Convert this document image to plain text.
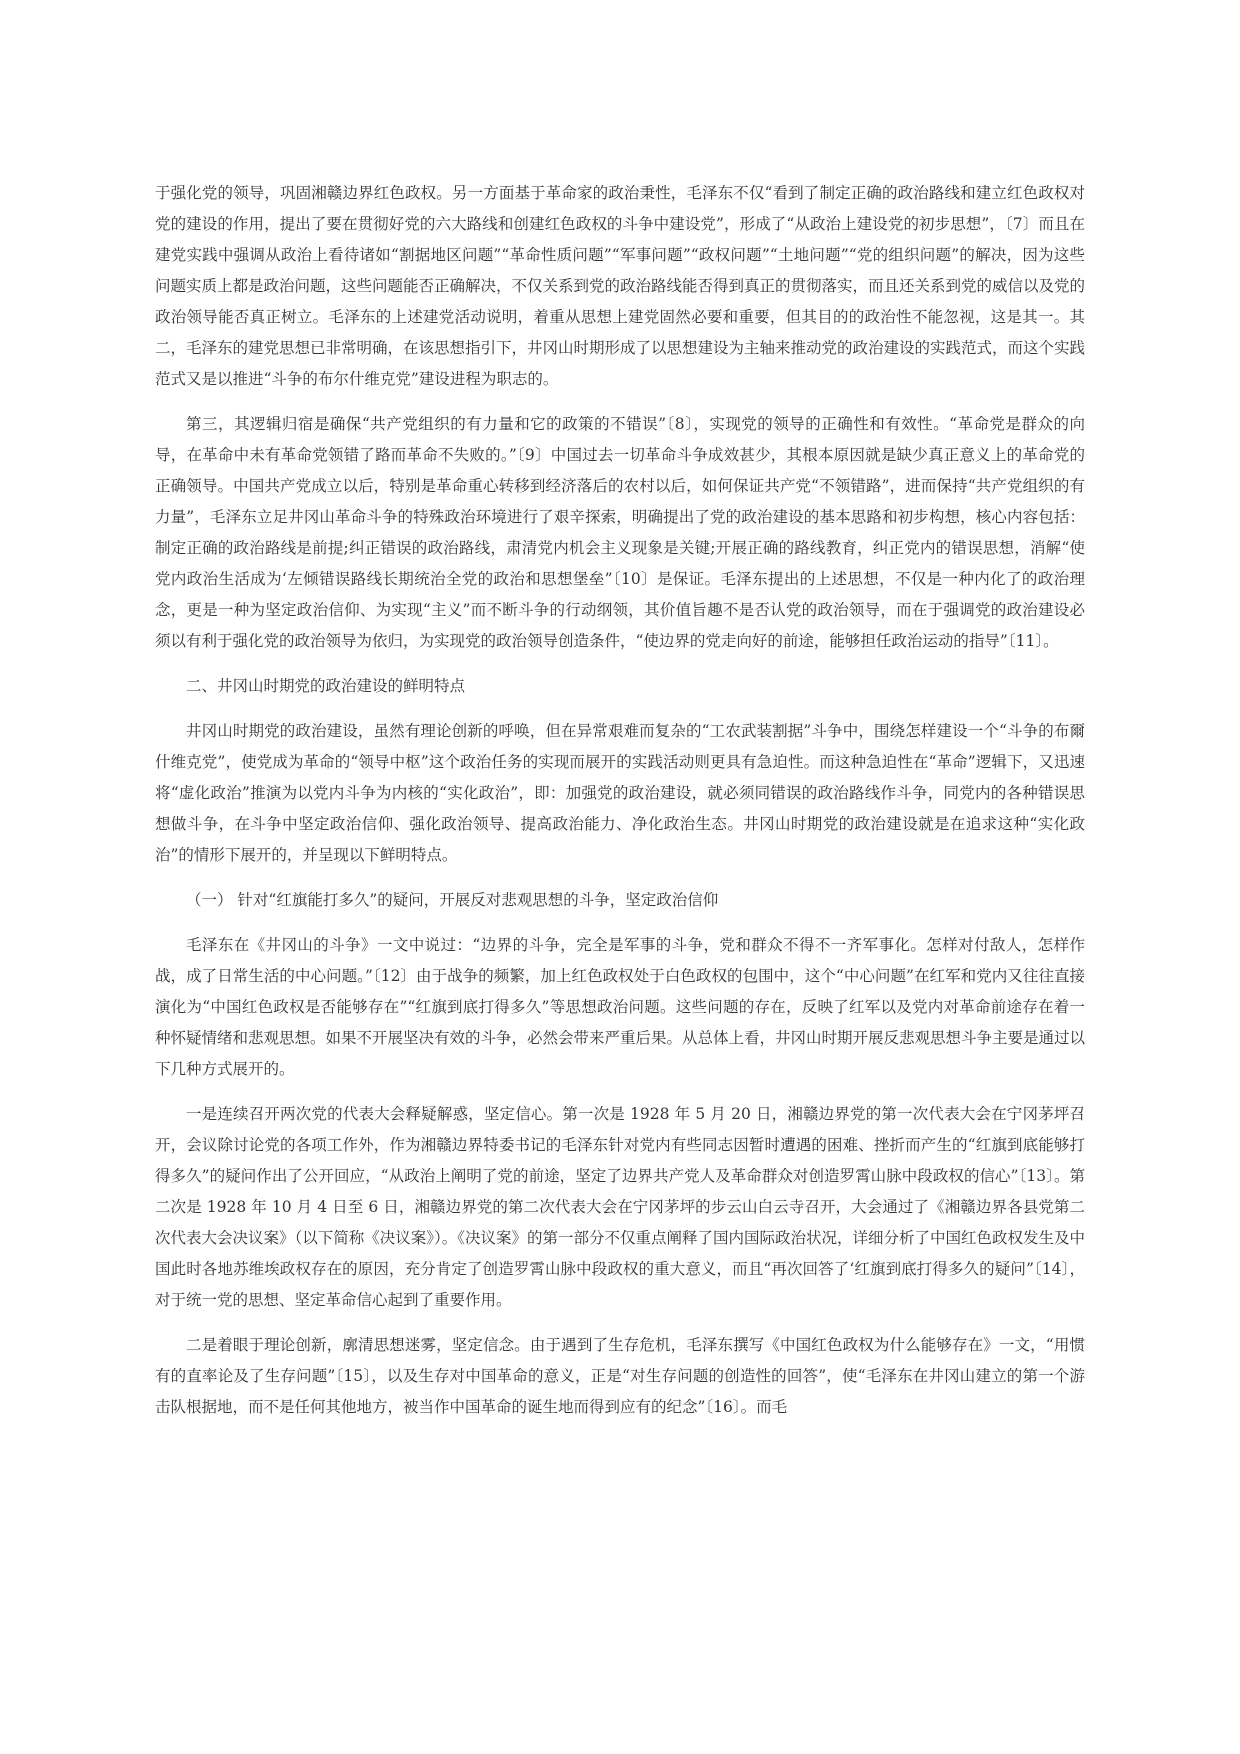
于强化党的领导，巩固湘赣边界红色政权。另一方面基于革命家的政治秉性，毛泽东不仅“看到了制定正确的政治路线和建立红色政权对党的建设的作用，提出了要在贯彻好党的六大路线和创建红色政权的斗争中建设党”，形成了“从政治上建设党的初步思想”，〔7〕而且在建党实践中强调从政治上看待诸如“割据地区问题”“革命性质问题”“军事问题”“政权问题”“土地问题”“党的组织问题”的解决，因为这些问题实质上都是政治问题，这些问题能否正确解决，不仅关系到党的政治路线能否得到真正的贯彻落实，而且还关系到党的威信以及党的政治领导能否真正树立。毛泽东的上述建党活动说明，着重从思想上建党固然必要和重要，但其目的的政治性不能忽视，这是其一。其二，毛泽东的建党思想已非常明确，在该思想指引下，井冈山时期形成了以思想建设为主轴来推动党的政治建设的实践范式，而这个实践范式又是以推进“斗争的布尔什维克党”建设进程为职志的。

第三，其逻辑归宿是确保“共产党组织的有力量和它的政策的不错误”〔8〕，实现党的领导的正确性和有效性。“革命党是群众的向导，在革命中未有革命党领错了路而革命不失败的。”〔9〕中国过去一切革命斗争成效甚少，其根本原因就是缺少真正意义上的革命党的正确领导。中国共产党成立以后，特别是革命重心转移到经济落后的农村以后，如何保证共产党“不领错路”，进而保持“共产党组织的有力量”，毛泽东立足井冈山革命斗争的特殊政治环境进行了艰辛探索，明确提出了党的政治建设的基本思路和初步构想，核心内容包括：制定正确的政治路线是前提;纠正错误的政治路线，肃清党内机会主义现象是关键;开展正确的路线教育，纠正党内的错误思想，消解“使党内政治生活成为‘左倾错误路线长期统治全党的政治和思想堡垒”〔10〕是保证。毛泽东提出的上述思想，不仅是一种内化了的政治理念，更是一种为坚定政治信仰、为实现“主义”而不断斗争的行动纲领，其价值旨趣不是否认党的政治领导，而在于强调党的政治建设必须以有利于强化党的政治领导为依归，为实现党的政治领导创造条件，“使边界的党走向好的前途，能够担任政治运动的指导”〔11〕。

二、井冈山时期党的政治建设的鲜明特点

井冈山时期党的政治建设，虽然有理论创新的呼唤，但在异常艰难而复杂的“工农武装割据”斗争中，围绕怎样建设一个“斗争的布爾什维克党”，使党成为革命的“领导中枢”这个政治任务的实现而展开的实践活动则更具有急迫性。而这种急迫性在“革命”逻辑下，又迅速将“虚化政治”推演为以党内斗争为内核的“实化政治”，即：加强党的政治建设，就必须同错误的政治路线作斗争，同党内的各种错误思想做斗争，在斗争中坚定政治信仰、强化政治领导、提高政治能力、净化政治生态。井冈山时期党的政治建设就是在追求这种“实化政治”的情形下展开的，并呈现以下鲜明特点。

（一） 针对“红旗能打多久”的疑问，开展反对悲观思想的斗争，坚定政治信仰

毛泽东在《井冈山的斗争》一文中说过：“边界的斗争，完全是军事的斗争，党和群众不得不一齐军事化。怎样对付敌人，怎样作战，成了日常生活的中心问题。”〔12〕由于战争的频繁，加上红色政权处于白色政权的包围中，这个“中心问题”在红军和党内又往往直接演化为“中国红色政权是否能够存在”“红旗到底打得多久”等思想政治问题。这些问题的存在，反映了红军以及党内对革命前途存在着一种怀疑情绪和悲观思想。如果不开展坚决有效的斗争，必然会带来严重后果。从总体上看，井冈山时期开展反悲观思想斗争主要是通过以下几种方式展开的。

一是连续召开两次党的代表大会释疑解惑，坚定信心。第一次是 1928 年 5 月 20 日，湘赣边界党的第一次代表大会在宁冈茅坪召开，会议除讨论党的各项工作外，作为湘赣边界特委书记的毛泽东针对党内有些同志因暂时遭遇的困难、挫折而产生的“红旗到底能够打得多久”的疑问作出了公开回应，“从政治上阐明了党的前途，坚定了边界共产党人及革命群众对创造罗霄山脉中段政权的信心”〔13〕。第二次是 1928 年 10 月 4 日至 6 日，湘赣边界党的第二次代表大会在宁冈茅坪的步云山白云寺召开，大会通过了《湘赣边界各县党第二次代表大会决议案》（以下简称《决议案》）。《决议案》的第一部分不仅重点阐释了国内国际政治状况，详细分析了中国红色政权发生及中国此时各地苏维埃政权存在的原因，充分肯定了创造罗霄山脉中段政权的重大意义，而且“再次回答了‘红旗到底打得多久的疑问”〔14〕，对于统一党的思想、坚定革命信心起到了重要作用。

二是着眼于理论创新，廓清思想迷雾，坚定信念。由于遇到了生存危机，毛泽东撰写《中国红色政权为什么能够存在》一文，“用惯有的直率论及了生存问题”〔15〕，以及生存对中国革命的意义，正是“对生存问题的创造性的回答”，使“毛泽东在井冈山建立的第一个游击队根据地，而不是任何其他地方，被当作中国革命的诞生地而得到应有的纪念”〔16〕。而毛
